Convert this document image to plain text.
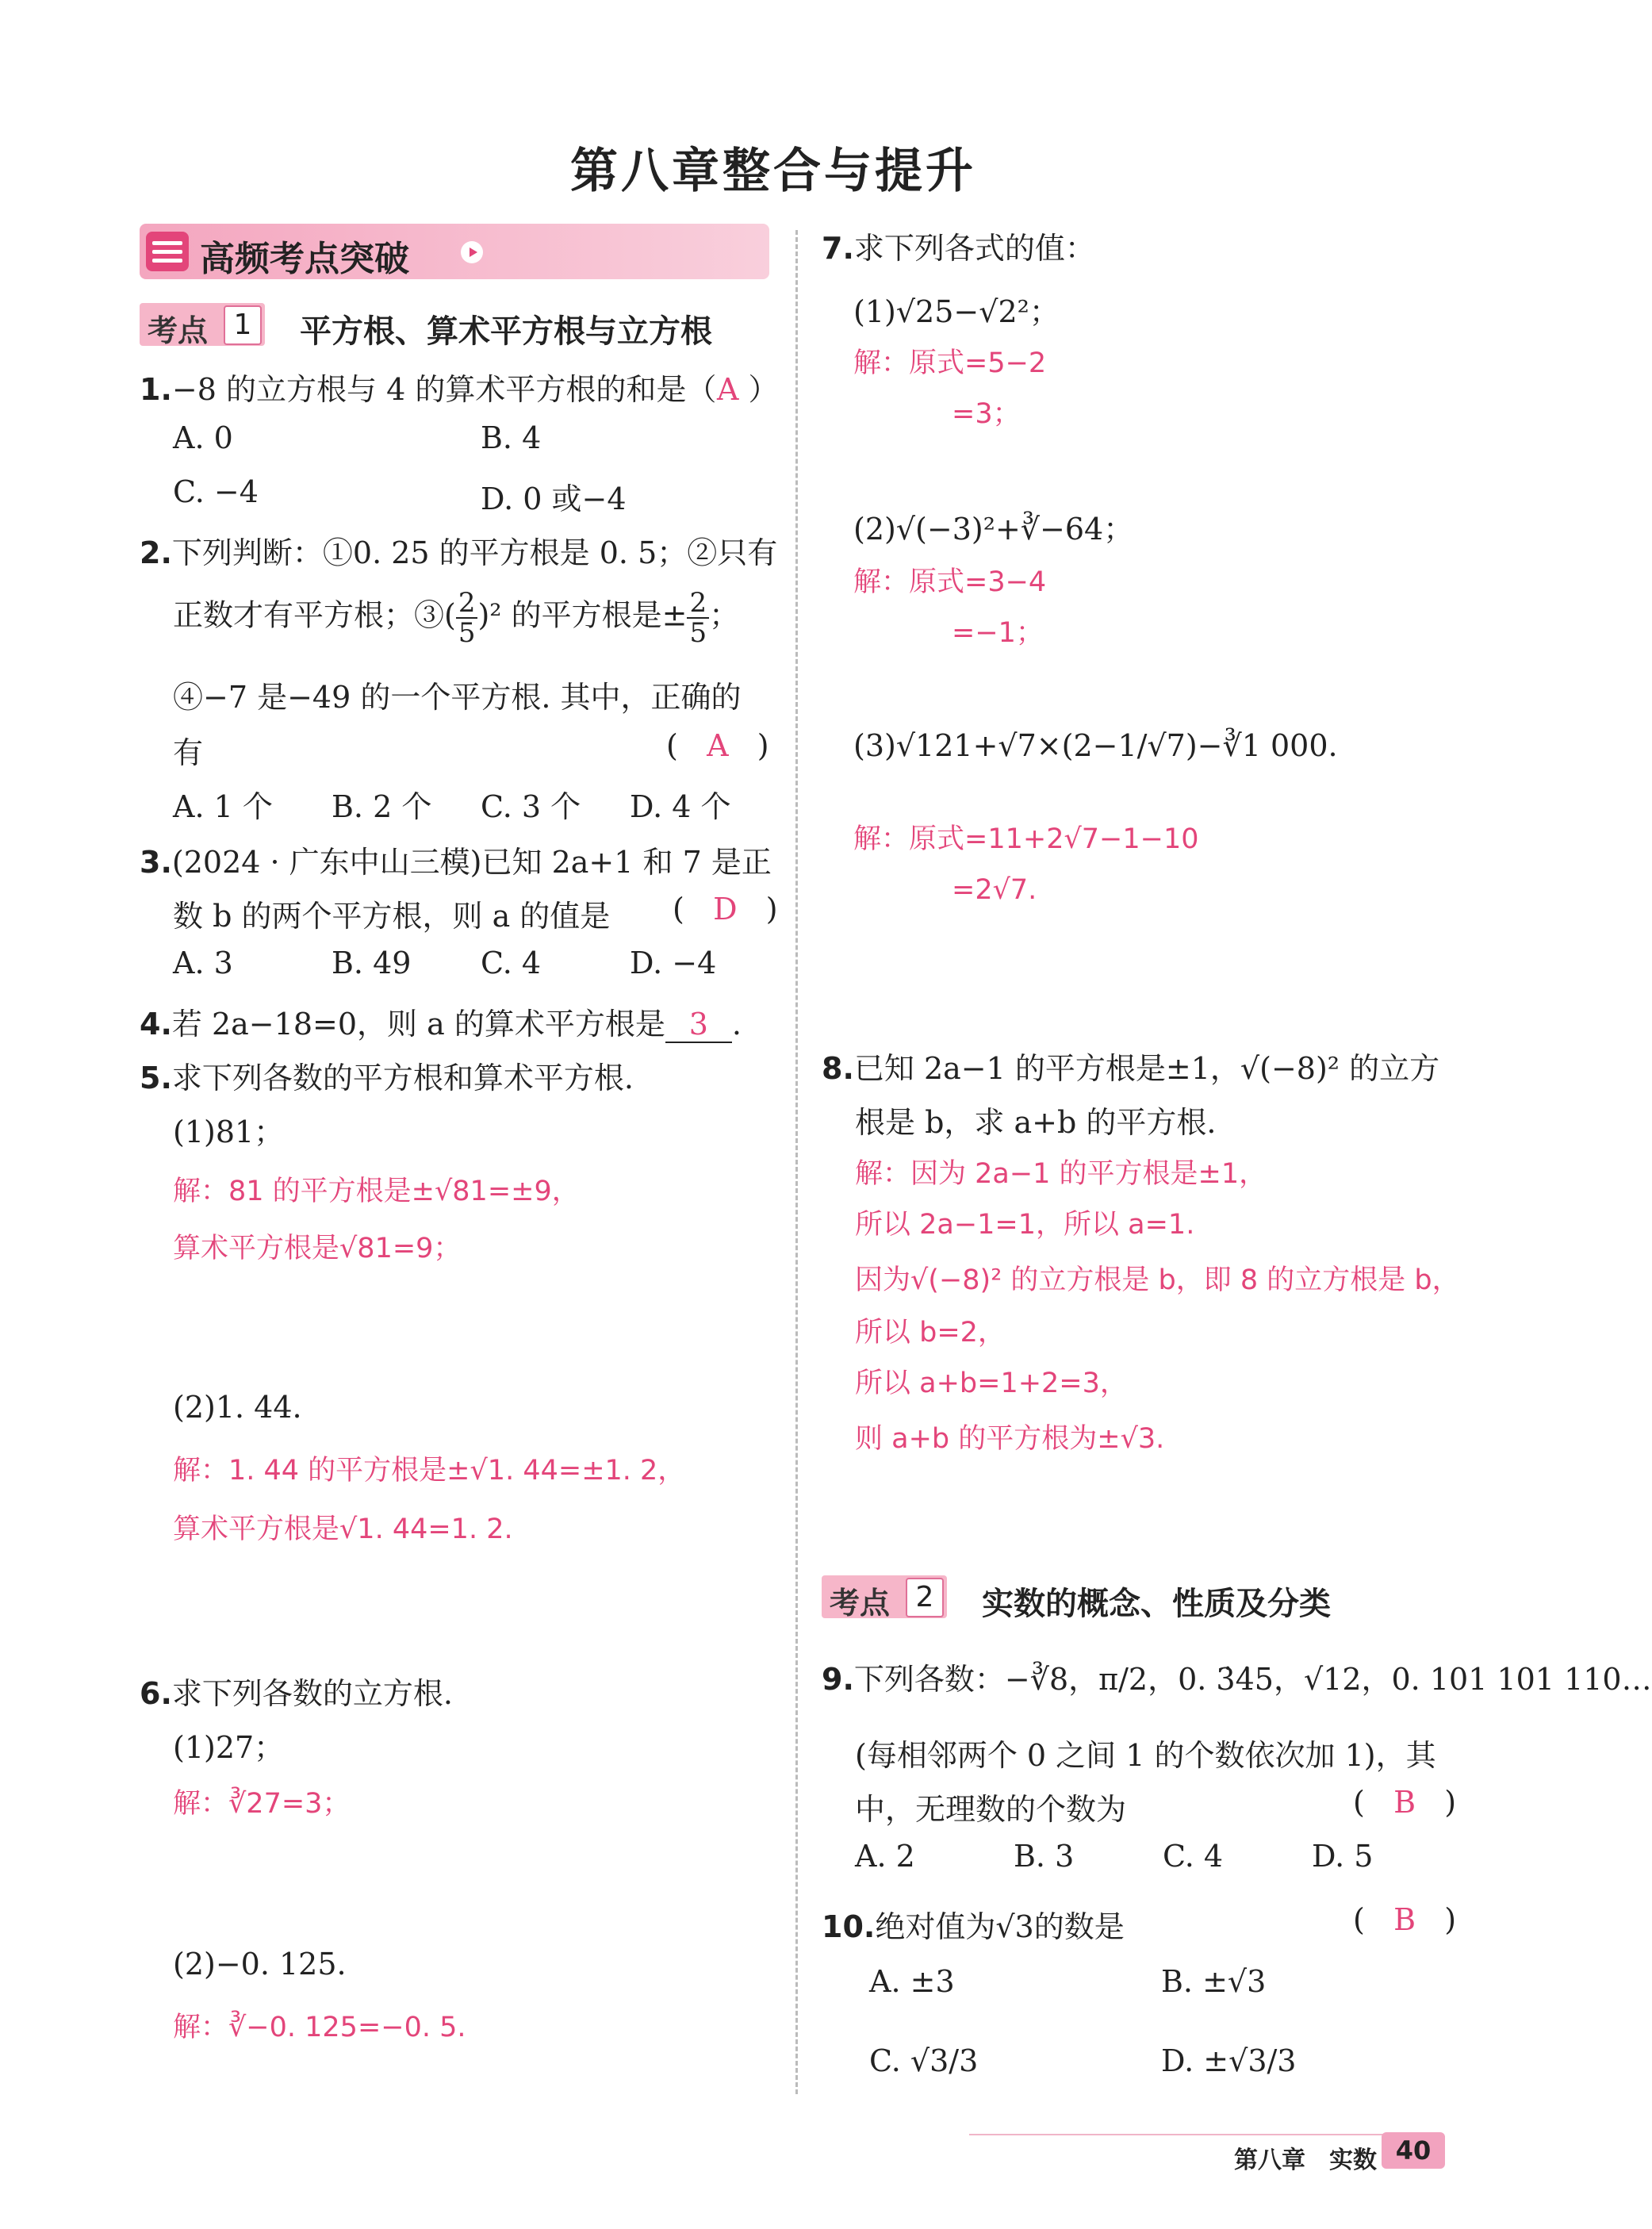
第八章整合与提升
高频考点突破
考点 1	平方根、算术平方根与立方根
1.−8 的立方根与 4 的算术平方根的和是（ A ）
A. 0	B. 4
C. −4	D. 0 或−4
2.下列判断：①0. 25 的平方根是 0. 5；②只有
正数才有平方根；③( $\frac{2}{5} )^2$ 的平方根是± $\frac{2}{5}$ ；
④−7 是−49 的一个平方根. 其中，正确的
有	(   A   )
A. 1 个 B. 2 个 C. 3 个 D. 4 个
3.(2024 · 广东中山三模)已知 2a+1 和 7 是正
数 b 的两个平方根，则 a 的值是 (   D   )
A. 3	B. 49 C. 4	D. −4
4.若 2a−18=0，则 a 的算术平方根是 3 .
5.求下列各数的平方根和算术平方根.
(1)81；
解：81 的平方根是±√81=±9，
算术平方根是√81=9；
(2)1. 44.
解：1. 44 的平方根是±√1. 44=±1. 2，
算术平方根是√1. 44=1. 2.
6.求下列各数的立方根.
(1)27；
解：∛27=3；
(2)−0. 125.
解：∛−0. 125=−0. 5.
7.求下列各式的值：
(1)√25−√2²；
解：原式=5−2
=3；
(2)√(−3)²+∛−64；
解：原式=3−4
=−1；
(3)√121+√7×(2−1/√7)−∛1 000.
解：原式=11+2√7−1−10
=2√7.
8.已知 2a−1 的平方根是±1，√(−8)² 的立方
根是 b，求 a+b 的平方根.
解：因为 2a−1 的平方根是±1，
所以 2a−1=1，所以 a=1.
因为√(−8)² 的立方根是 b，即 8 的立方根是 b，
所以 b=2，
所以 a+b=1+2=3，
则 a+b 的平方根为±√3.
考点 2	实数的概念、性质及分类
9.下列各数：−∛8，π/2，0. 3̇4̇5，√12，0. 101 101 110…
(每相邻两个 0 之间 1 的个数依次加 1)，其
中，无理数的个数为	(   B   )
A. 2	B. 3	C. 4	D. 5
10.绝对值为√3的数是	(   B   )
A. ±3	B. ±√3
C. √3/3	D. ±√3/3
第八章　实数 40
